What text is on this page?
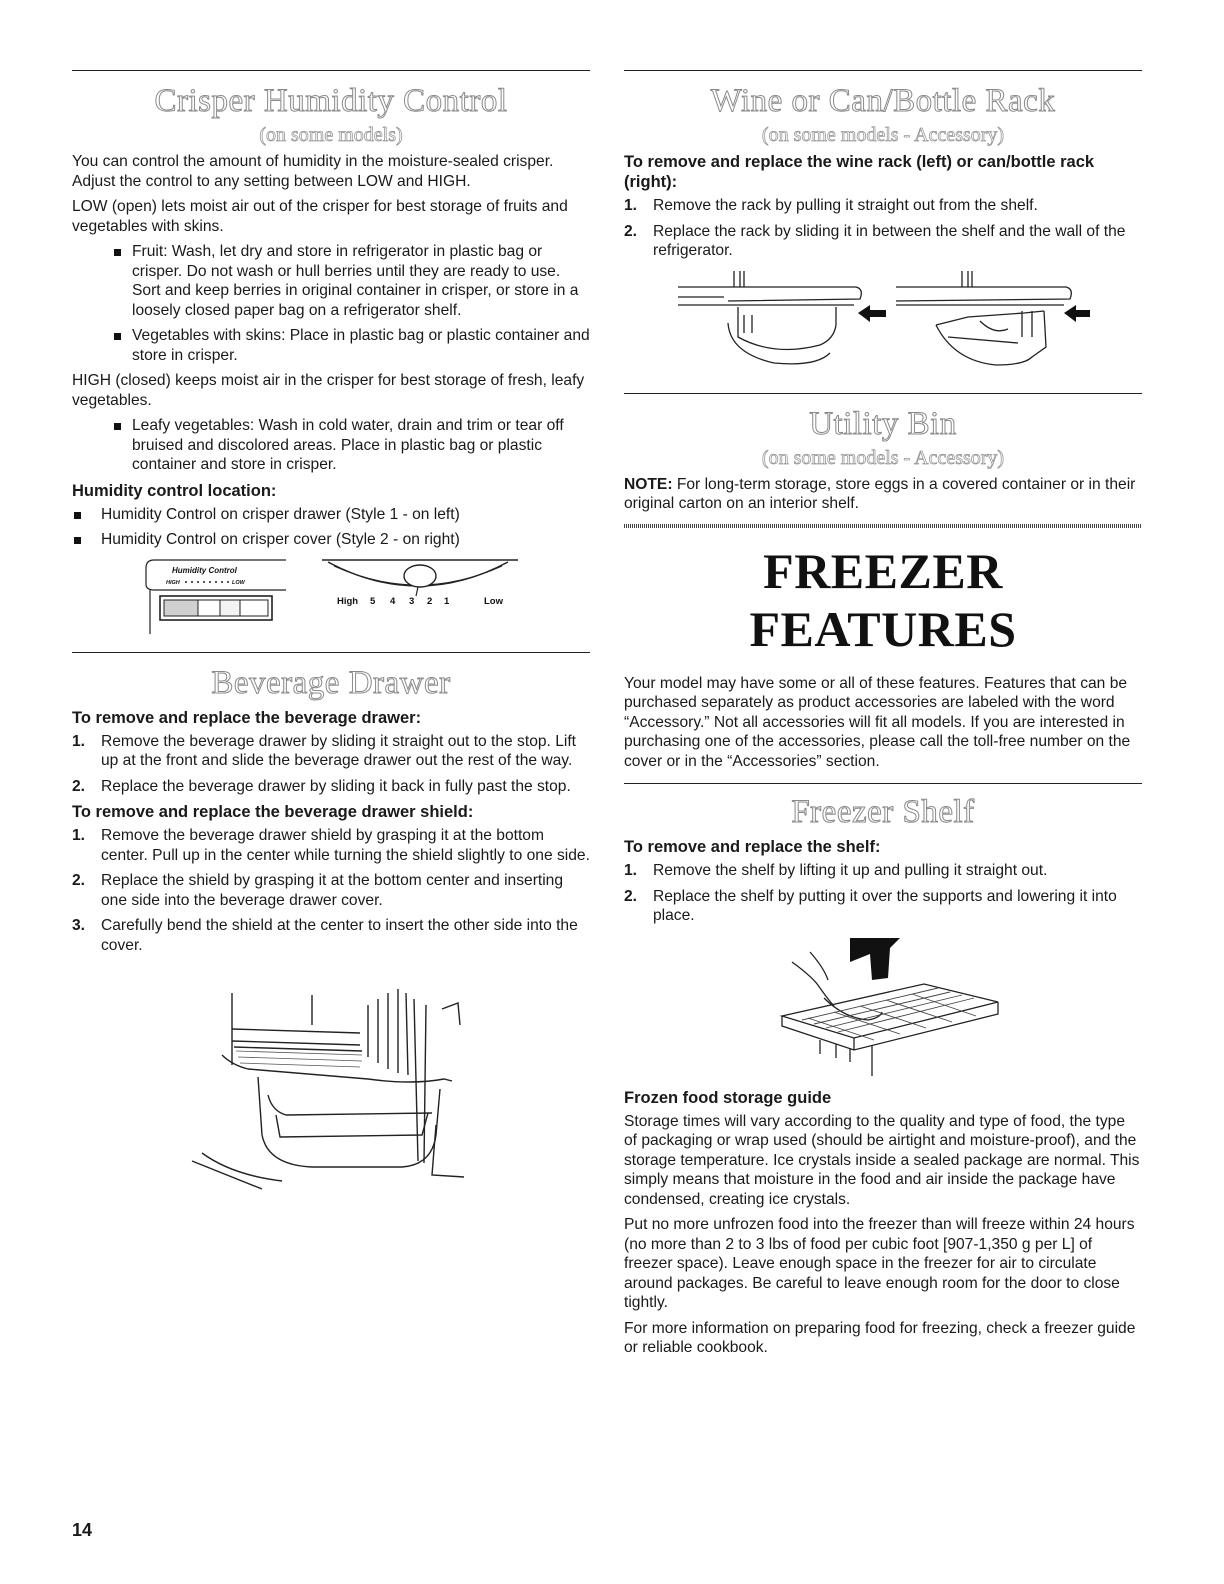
Crisper Humidity Control
(on some models)

You can control the amount of humidity in the moisture-sealed crisper. Adjust the control to any setting between LOW and HIGH.

LOW (open) lets moist air out of the crisper for best storage of fruits and vegetables with skins.

Fruit: Wash, let dry and store in refrigerator in plastic bag or crisper. Do not wash or hull berries until they are ready to use. Sort and keep berries in original container in crisper, or store in a loosely closed paper bag on a refrigerator shelf.
Vegetables with skins: Place in plastic bag or plastic container and store in crisper.

HIGH (closed) keeps moist air in the crisper for best storage of fresh, leafy vegetables.

Leafy vegetables: Wash in cold water, drain and trim or tear off bruised and discolored areas. Place in plastic bag or plastic container and store in crisper.
Humidity control location:
Humidity Control on crisper drawer (Style 1 - on left)
Humidity Control on crisper cover (Style 2 - on right)
Humidity Control
HIGH	LOW
High 5 4 3 2 1	Low
Beverage Drawer
To remove and replace the beverage drawer:
1. Remove the beverage drawer by sliding it straight out to the stop. Lift up at the front and slide the beverage drawer out the rest of the way.
2. Replace the beverage drawer by sliding it back in fully past the stop.
To remove and replace the beverage drawer shield:
1. Remove the beverage drawer shield by grasping it at the bottom center. Pull up in the center while turning the shield slightly to one side.
2. Replace the shield by grasping it at the bottom center and inserting one side into the beverage drawer cover.
3. Carefully bend the shield at the center to insert the other side into the cover.
Wine or Can/Bottle Rack
(on some models - Accessory)
To remove and replace the wine rack (left) or can/bottle rack (right):
1. Remove the rack by pulling it straight out from the shelf.
2. Replace the rack by sliding it in between the shelf and the wall of the refrigerator.
Utility Bin
(on some models - Accessory)

NOTE: For long-term storage, store eggs in a covered container or in their original carton on an interior shelf.

FREEZER FEATURES

Your model may have some or all of these features. Features that can be purchased separately as product accessories are labeled with the word “Accessory.” Not all accessories will fit all models. If you are interested in purchasing one of the accessories, please call the toll-free number on the cover or in the “Accessories” section.

Freezer Shelf
To remove and replace the shelf:
1. Remove the shelf by lifting it up and pulling it straight out.
2. Replace the shelf by putting it over the supports and lowering it into place.
Frozen food storage guide

Storage times will vary according to the quality and type of food, the type of packaging or wrap used (should be airtight and moisture-proof), and the storage temperature. Ice crystals inside a sealed package are normal. This simply means that moisture in the food and air inside the package have condensed, creating ice crystals.

Put no more unfrozen food into the freezer than will freeze within 24 hours (no more than 2 to 3 lbs of food per cubic foot [907-1,350 g per L] of freezer space). Leave enough space in the freezer for air to circulate around packages. Be careful to leave enough room for the door to close tightly.

For more information on preparing food for freezing, check a freezer guide or reliable cookbook.

14
